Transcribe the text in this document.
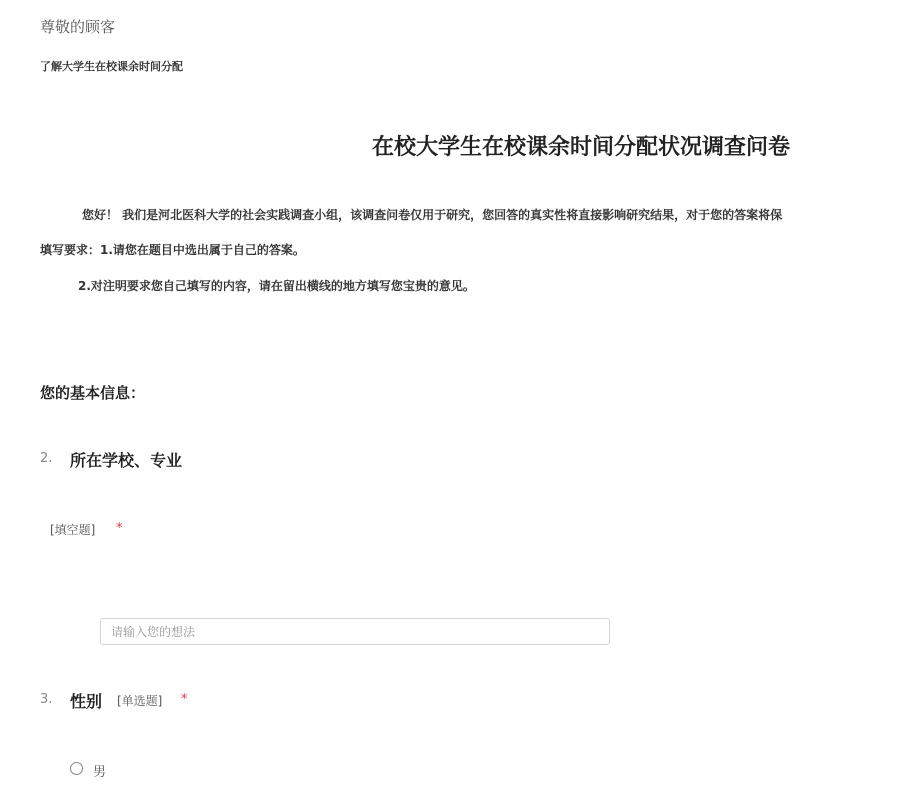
尊敬的顾客
了解大学生在校课余时间分配
在校大学生在校课余时间分配状况调查问卷
您好！ 我们是河北医科大学的社会实践调查小组，该调查问卷仅用于研究，您回答的真实性将直接影响研究结果，对于您的答案将保
填写要求：1.请您在题目中选出属于自己的答案。
2.对注明要求您自己填写的内容，请在留出横线的地方填写您宝贵的意见。
您的基本信息：
2. 所在学校、专业
[填空题] *
请输入您的想法
3. 性别 [单选题] *
男
